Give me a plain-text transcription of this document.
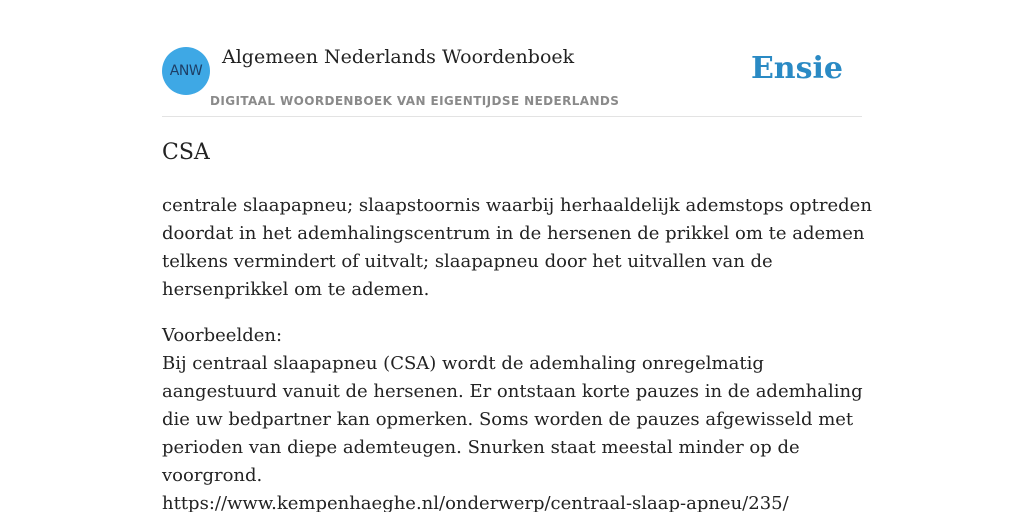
ANW
Algemeen Nederlands Woordenboek
DIGITAAL WOORDENBOEK VAN EIGENTIJDSE NEDERLANDS
Ensie
CSA

centrale slaapapneu; slaapstoornis waarbij herhaaldelijk ademstops optreden doordat in het ademhalingscentrum in de hersenen de prikkel om te ademen telkens vermindert of uitvalt; slaapapneu door het uitvallen van de hersenprikkel om te ademen.

Voorbeelden:
Bij centraal slaapapneu (CSA) wordt de ademhaling onregelmatig aangestuurd vanuit de hersenen. Er ontstaan korte pauzes in de ademhaling die uw bedpartner kan opmerken. Soms worden de pauzes afgewisseld met perioden van diepe ademteugen. Snurken staat meestal minder op de voorgrond.
https://www.kempenhaeghe.nl/onderwerp/centraal-slaap-apneu/235/
